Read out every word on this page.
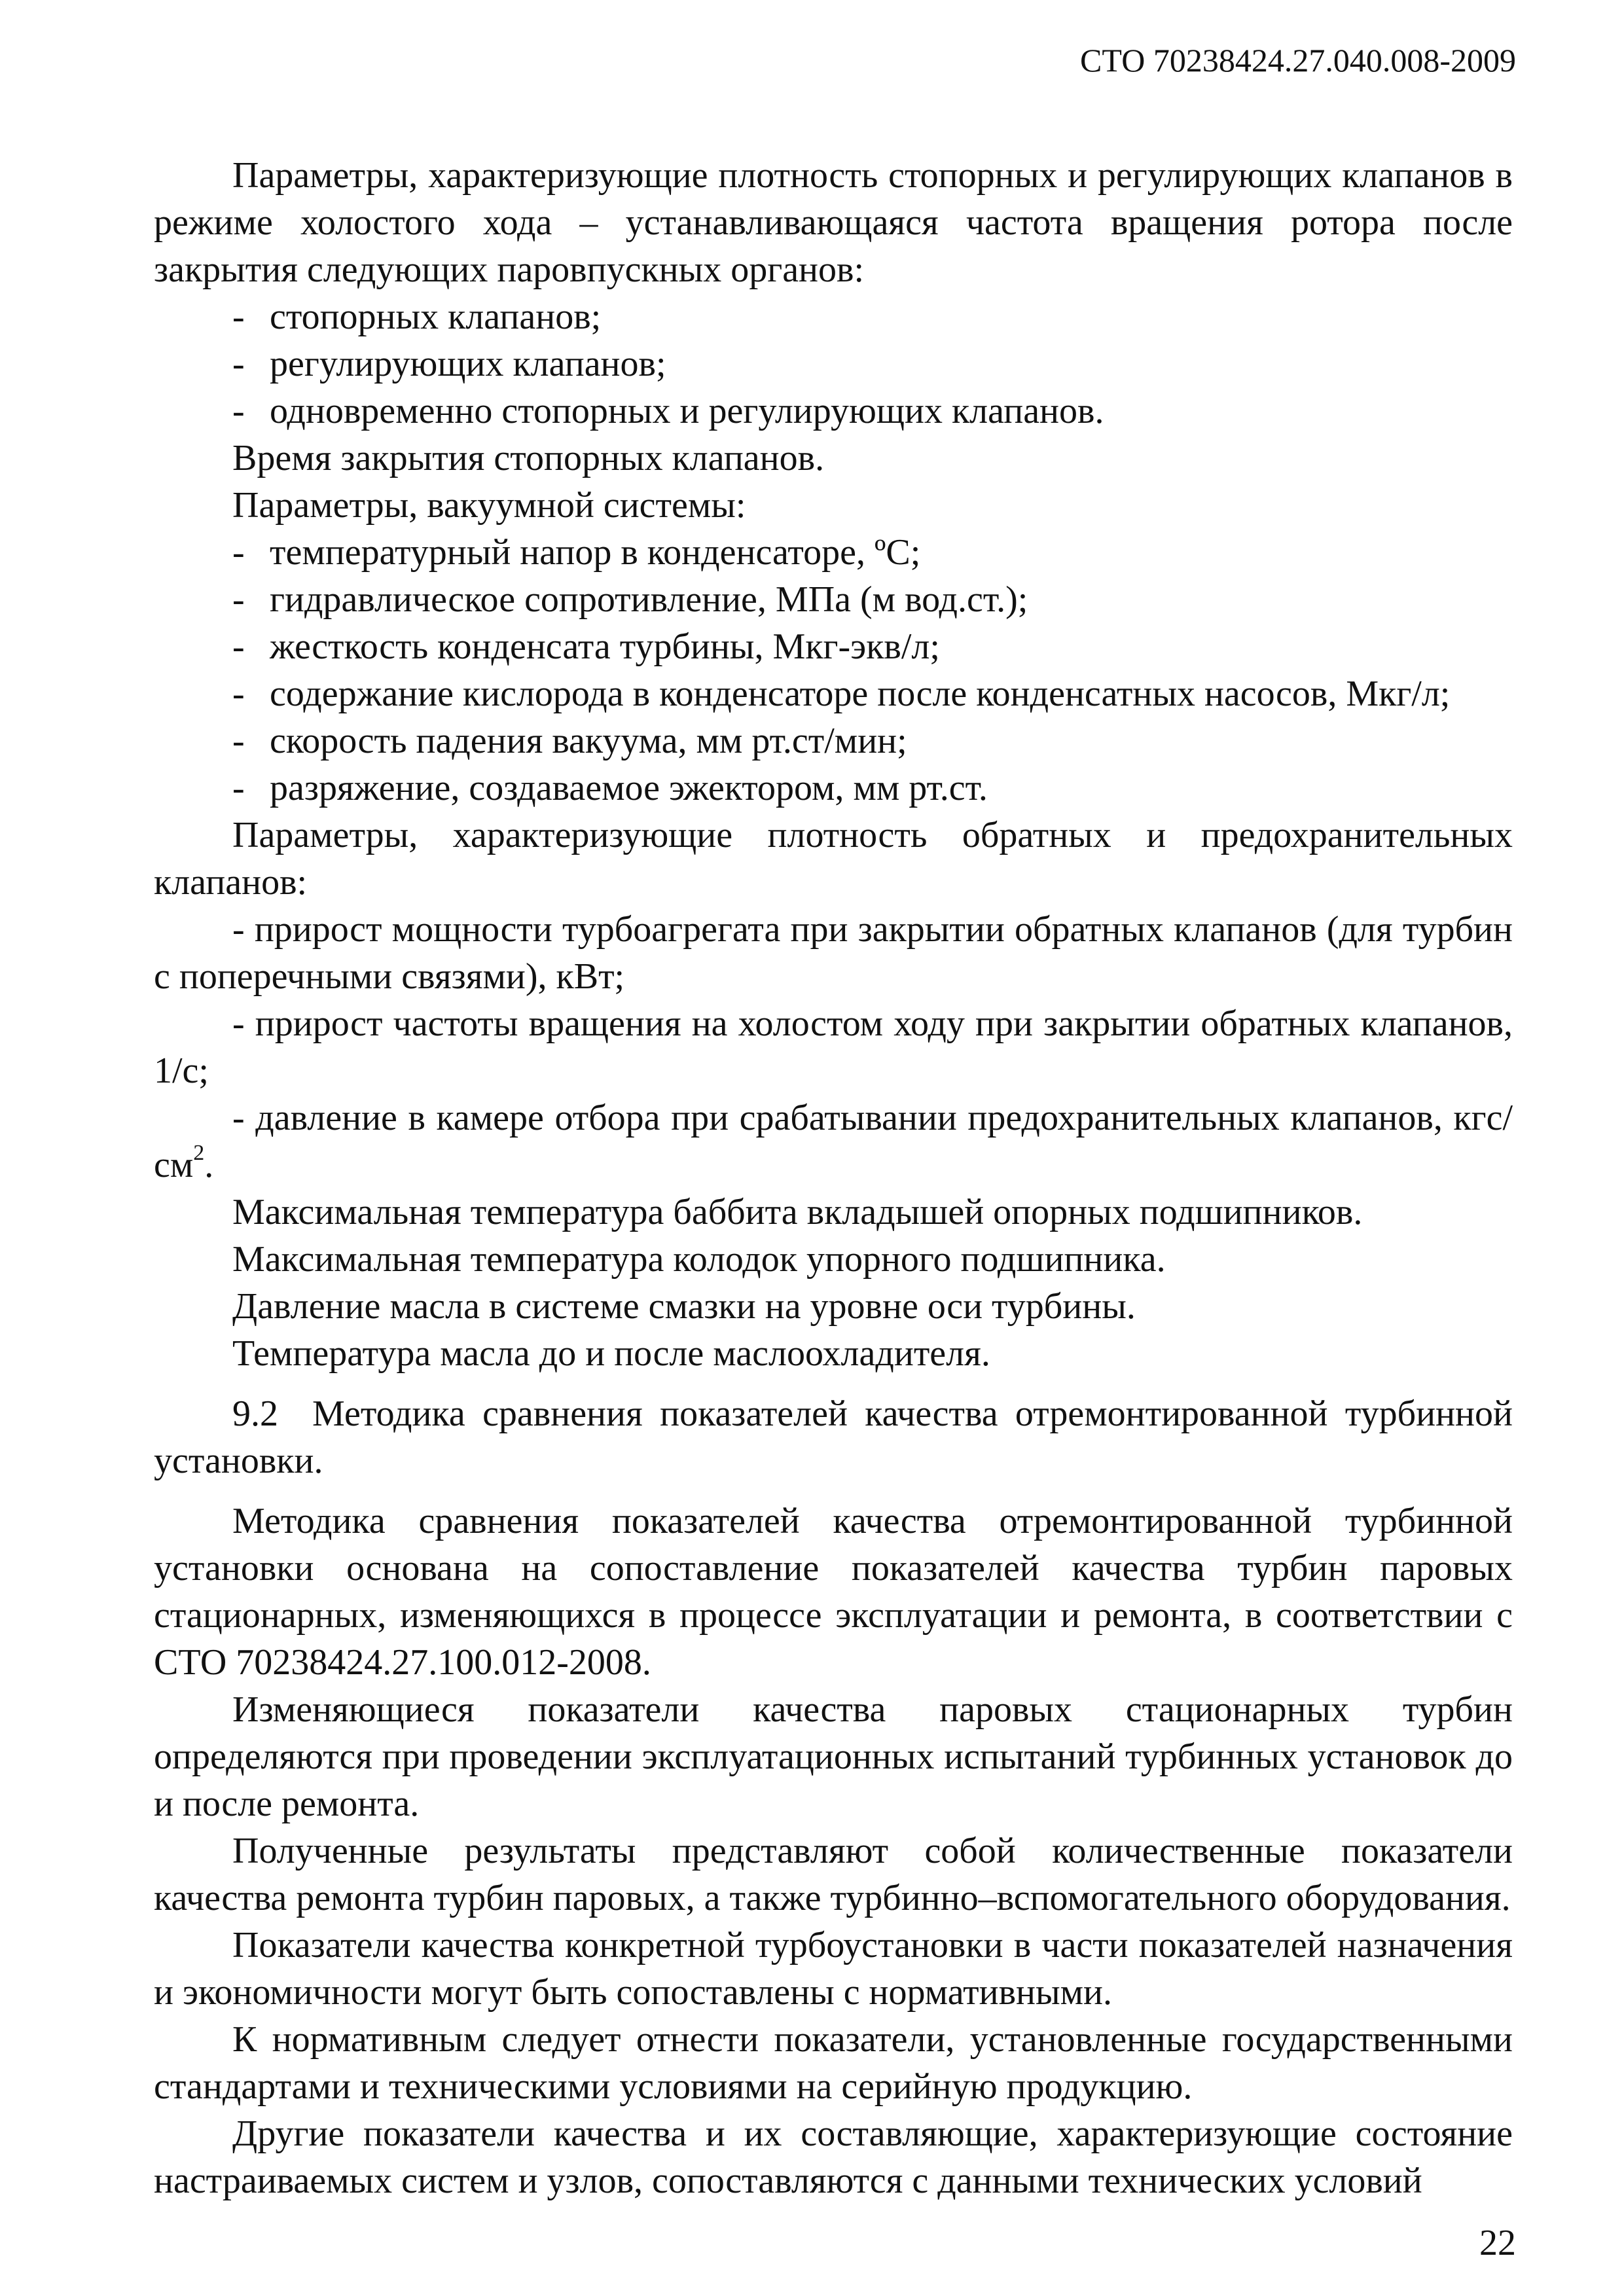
СТО 70238424.27.040.008-2009

Параметры, характеризующие плотность стопорных и регулирующих клапанов в режиме холостого хода – устанавливающаяся частота вращения ротора после закрытия следующих паровпускных органов:

- стопорных клапанов;

- регулирующих клапанов;

- одновременно стопорных и регулирующих клапанов.

Время закрытия стопорных клапанов.

Параметры, вакуумной системы:

- температурный напор в конденсаторе, ºС;

- гидравлическое сопротивление, МПа (м вод.ст.);

- жесткость конденсата турбины, Мкг-экв/л;

- содержание кислорода в конденсаторе после конденсатных насосов, Мкг/л;

- скорость падения вакуума, мм рт.ст/мин;

- разряжение, создаваемое эжектором, мм рт.ст.

Параметры, характеризующие плотность обратных и предохранительных клапанов:

- прирост мощности турбоагрегата при закрытии обратных клапанов (для турбин с поперечными связями), кВт;

- прирост частоты вращения на холостом ходу при закрытии обратных клапанов, 1/с;

- давление в камере отбора при срабатывании предохранительных клапанов, кгс/$см^2$.

Максимальная температура баббита вкладышей опорных подшипников.

Максимальная температура колодок упорного подшипника.

Давление масла в системе смазки на уровне оси турбины.

Температура масла до и после маслоохладителя.

9.2 Методика сравнения показателей качества отремонтированной турбинной установки.

Методика сравнения показателей качества отремонтированной турбинной установки основана на сопоставление показателей качества турбин паровых стационарных, изменяющихся в процессе эксплуатации и ремонта, в соответствии с СТО 70238424.27.100.012-2008.

Изменяющиеся показатели качества паровых стационарных турбин определяются при проведении эксплуатационных испытаний турбинных установок до и после ремонта.

Полученные результаты представляют собой количественные показатели качества ремонта турбин паровых, а также турбинно–вспомогательного оборудования.

Показатели качества конкретной турбоустановки в части показателей назначения и экономичности могут быть сопоставлены с нормативными.

К нормативным следует отнести показатели, установленные государственными стандартами и техническими условиями на серийную продукцию.

Другие показатели качества и их составляющие, характеризующие состояние настраиваемых систем и узлов, сопоставляются с данными технических условий

22
